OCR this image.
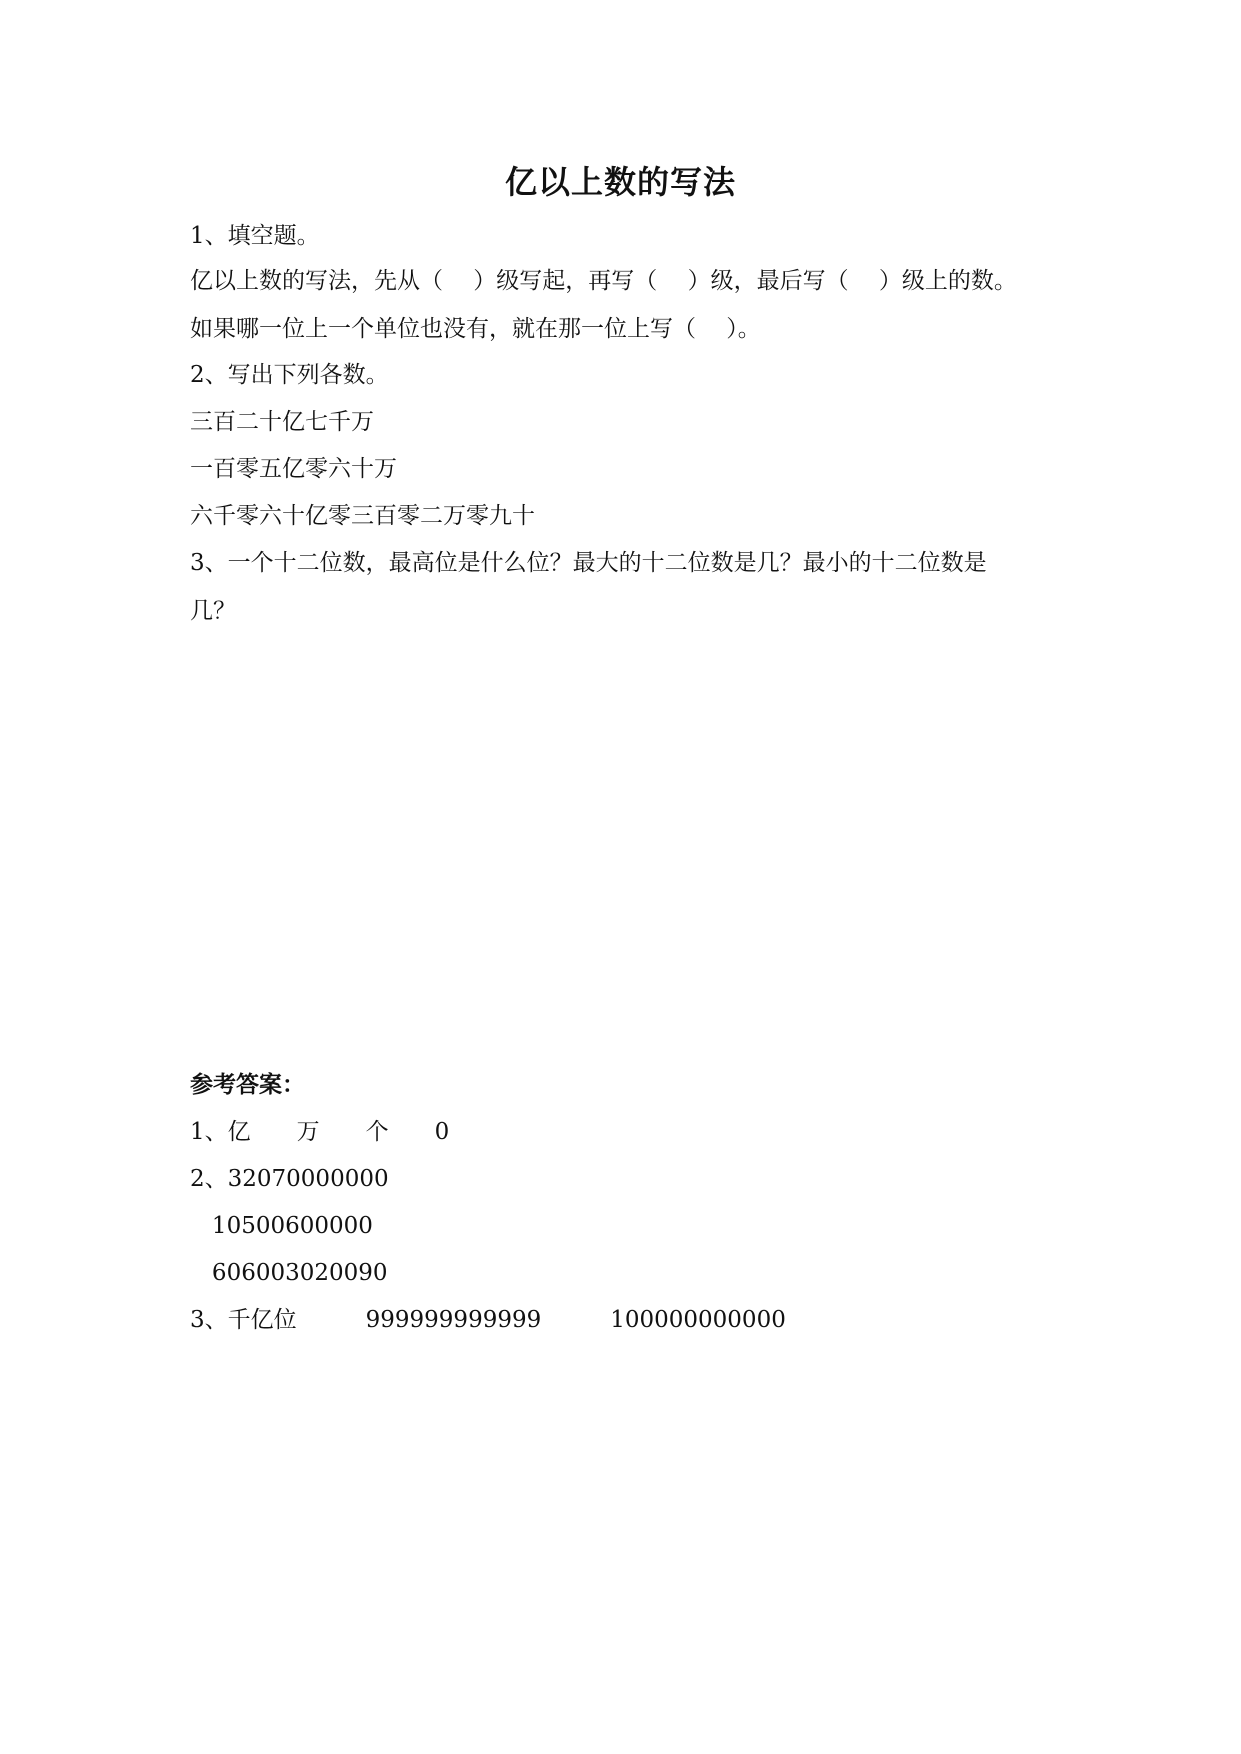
亿以上数的写法
1、填空题。
亿以上数的写法，先从（　 ）级写起，再写（　 ）级，最后写（　 ）级上的数。
如果哪一位上一个单位也没有，就在那一位上写（　 ）。
2、写出下列各数。
三百二十亿七千万
一百零五亿零六十万
六千零六十亿零三百零二万零九十
3、一个十二位数，最高位是什么位？最大的十二位数是几？最小的十二位数是
几？
参考答案：
1、亿　　万　　个　　0
2、32070000000
10500600000
606003020090
3、千亿位　　　999999999999　　　100000000000
